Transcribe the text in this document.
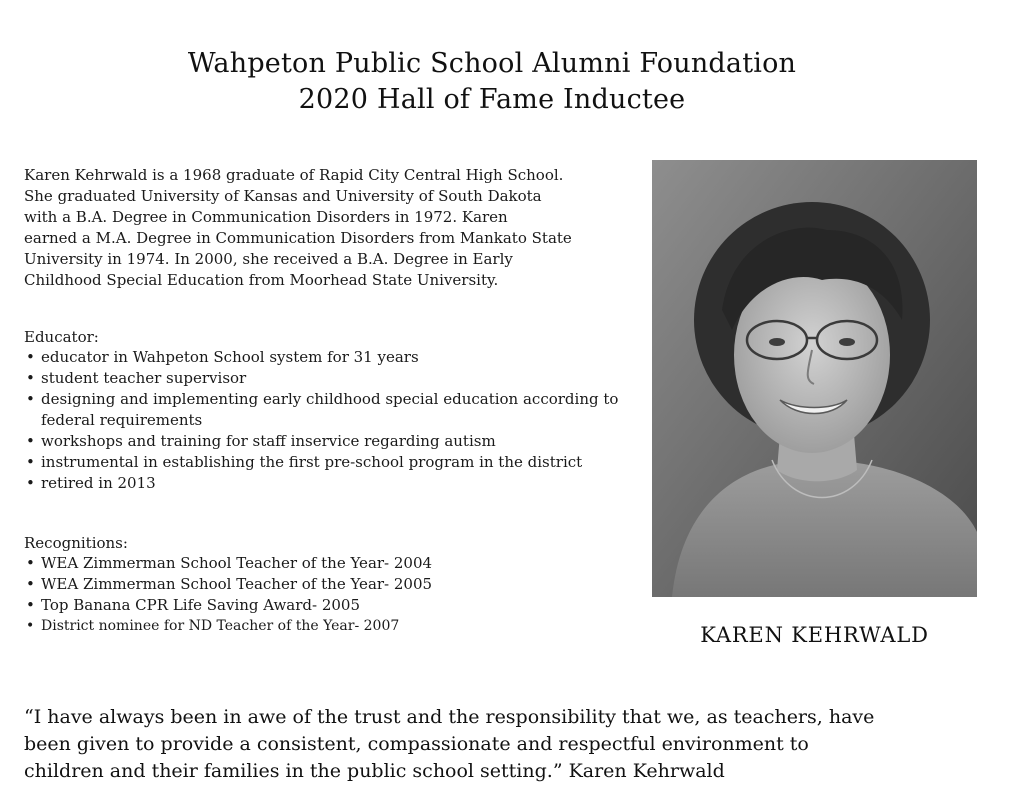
Wahpeton Public School Alumni Foundation
2020 Hall of Fame Inductee
Karen Kehrwald is a 1968 graduate of Rapid City Central High School.
She graduated University of Kansas and University of South Dakota
with a B.A. Degree in Communication Disorders in 1972. Karen
earned a M.A. Degree in Communication Disorders from Mankato State
University in 1974. In 2000, she received a B.A. Degree in Early
Childhood Special Education from Moorhead State University.
Educator:
• educator in Wahpeton School system for 31 years
• student teacher supervisor
• designing and implementing early childhood special education according to federal requirements
• workshops and training for staff inservice regarding autism
• instrumental in establishing the first pre-school program in the district
• retired in 2013
Recognitions:
• WEA Zimmerman School Teacher of the Year- 2004
• WEA Zimmerman School Teacher of the Year- 2005
• Top Banana CPR Life Saving Award- 2005
• District nominee for ND Teacher of the Year- 2007	KAREN KEHRWALD
“I have always been in awe of the trust and the responsibility that we, as teachers, have
been given to provide a consistent, compassionate and respectful environment to
children and their families in the public school setting.” Karen Kehrwald
